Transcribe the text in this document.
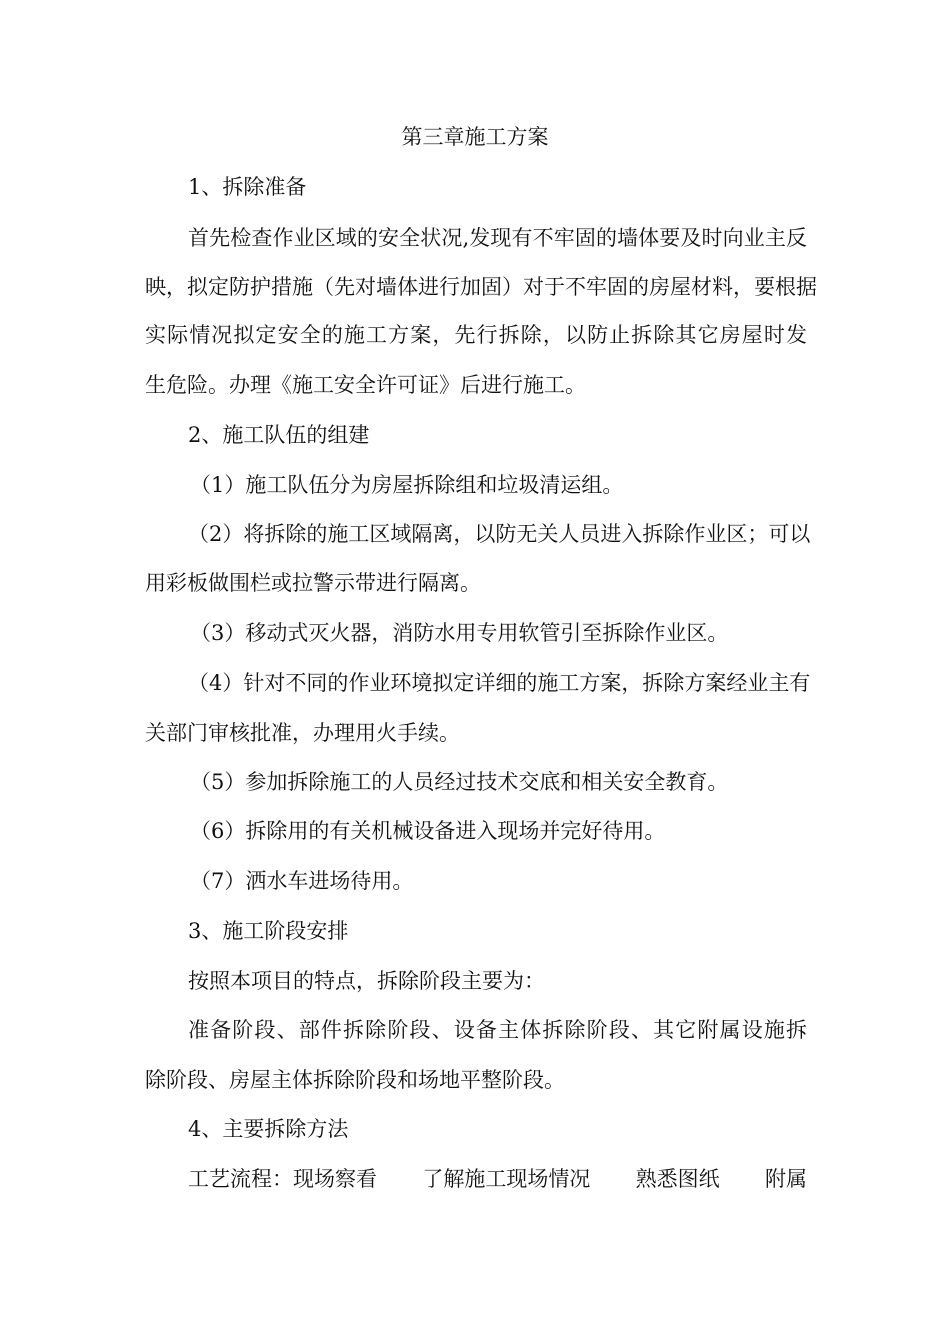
第三章施工方案
1、拆除准备
首先检查作业区域的安全状况,发现有不牢固的墙体要及时向业主反
映，拟定防护措施（先对墙体进行加固）对于不牢固的房屋材料，要根据
实际情况拟定安全的施工方案，先行拆除，以防止拆除其它房屋时发
生危险。办理《施工安全许可证》后进行施工。
2、施工队伍的组建
（1）施工队伍分为房屋拆除组和垃圾清运组。
（2）将拆除的施工区域隔离，以防无关人员进入拆除作业区；可以
用彩板做围栏或拉警示带进行隔离。
（3）移动式灭火器，消防水用专用软管引至拆除作业区。
（4）针对不同的作业环境拟定详细的施工方案，拆除方案经业主有
关部门审核批准，办理用火手续。
（5）参加拆除施工的人员经过技术交底和相关安全教育。
（6）拆除用的有关机械设备进入现场并完好待用。
（7）洒水车进场待用。
3、施工阶段安排
按照本项目的特点，拆除阶段主要为：
准备阶段、部件拆除阶段、设备主体拆除阶段、其它附属设施拆
除阶段、房屋主体拆除阶段和场地平整阶段。
4、主要拆除方法
工艺流程：现场察看 了解施工现场情况 熟悉图纸 附属
